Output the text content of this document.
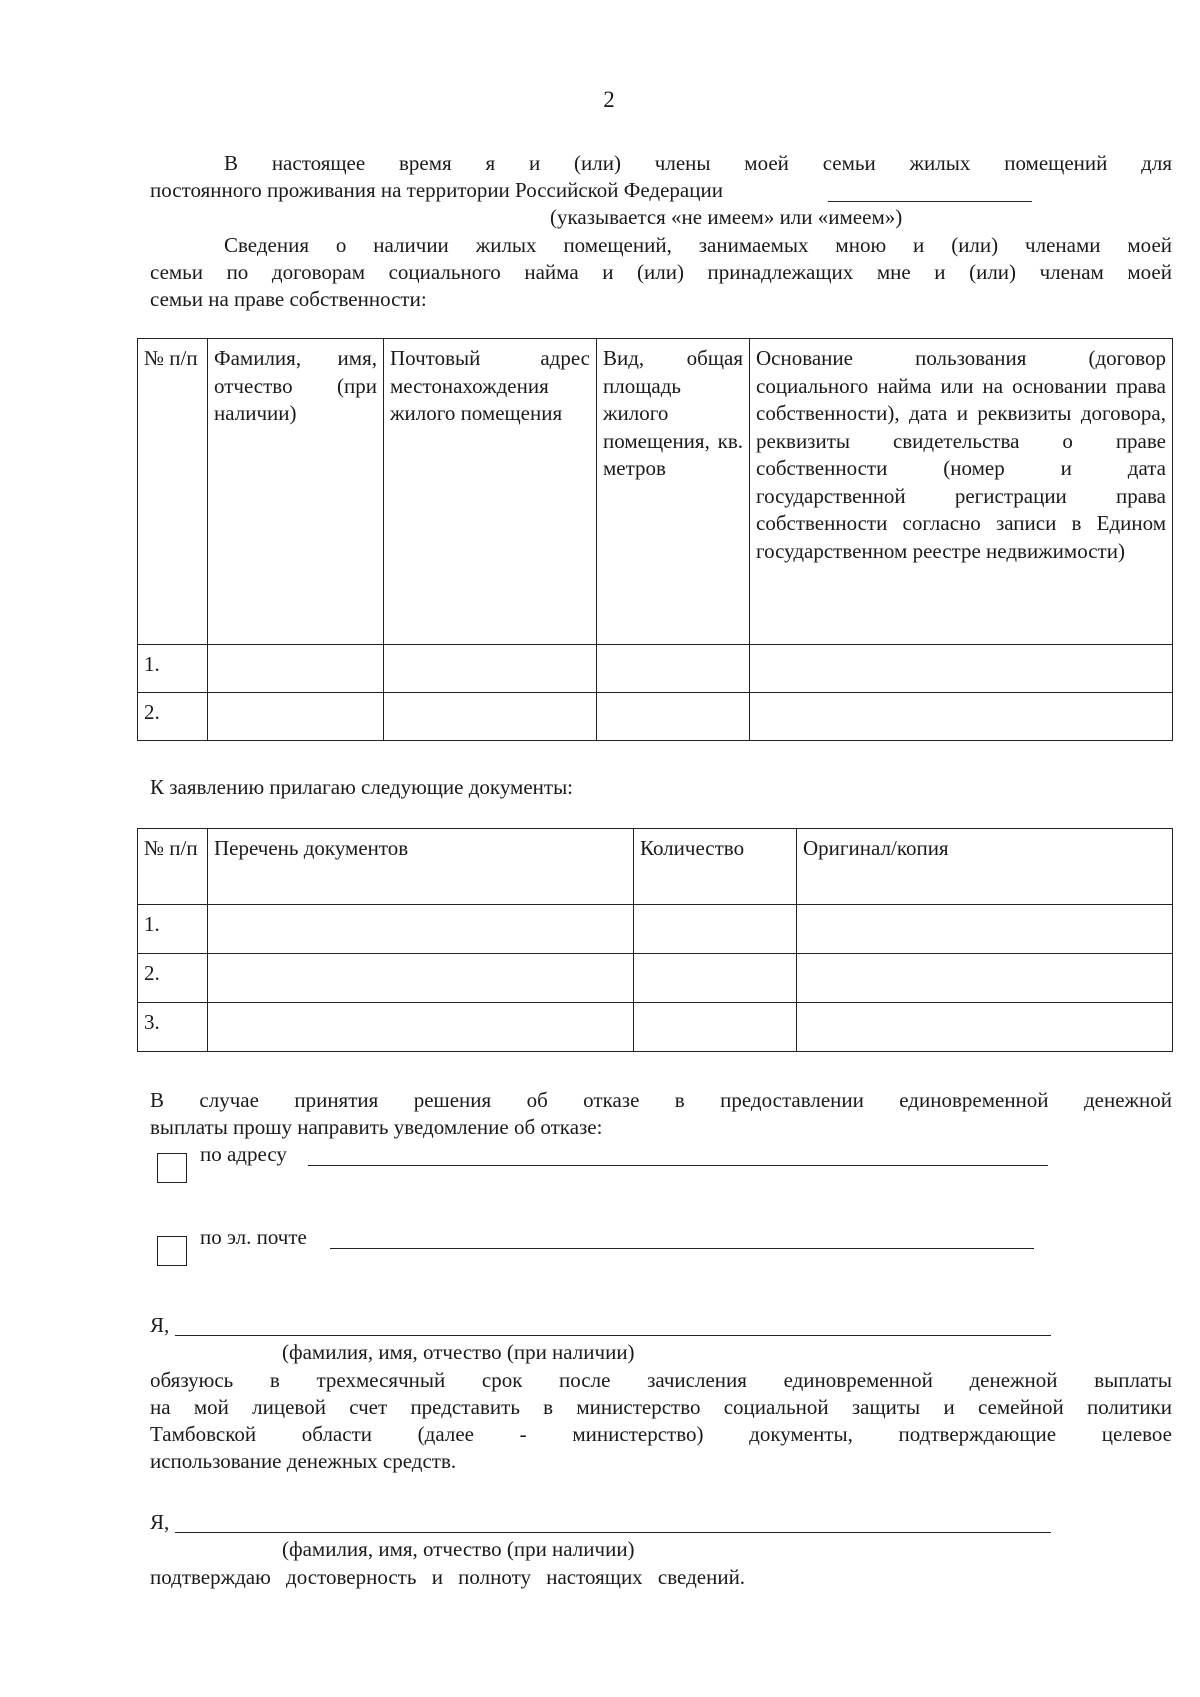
2
В настоящее время я и (или) члены моей семьи жилых помещений для
постоянного проживания на территории Российской Федерации
(указывается «не имеем» или «имеем»)
Сведения о наличии жилых помещений, занимаемых мною и (или) членами моей
семьи по договорам социального найма и (или) принадлежащих мне и (или) членам моей
семьи на праве собственности:
№ п/п	Фамилия, имя, отчество (при наличии)	Почтовый адрес местонахождения жилого помещения	Вид, общая площадь жилого помещения, кв. метров	Основание пользования (договор социального найма или на основании права собственности), дата и реквизиты договора, реквизиты свидетельства о праве собственности (номер и дата государственной регистрации права собственности согласно записи в Едином государственном реестре недвижимости)
1.				
2.				
К заявлению прилагаю следующие документы:
№ п/п	Перечень документов	Количество	Оригинал/копия
1.			
2.			
3.			
В случае принятия решения об отказе в предоставлении единовременной денежной
выплаты прошу направить уведомление об отказе:
по адресу
по эл. почте
Я,
(фамилия, имя, отчество (при наличии)
обязуюсь в трехмесячный срок после зачисления единовременной денежной выплаты
на мой лицевой счет представить в министерство социальной защиты и семейной политики
Тамбовской области (далее - министерство) документы, подтверждающие целевое
использование денежных средств.
Я,
(фамилия, имя, отчество (при наличии)
подтверждаю достоверность и полноту настоящих сведений.
